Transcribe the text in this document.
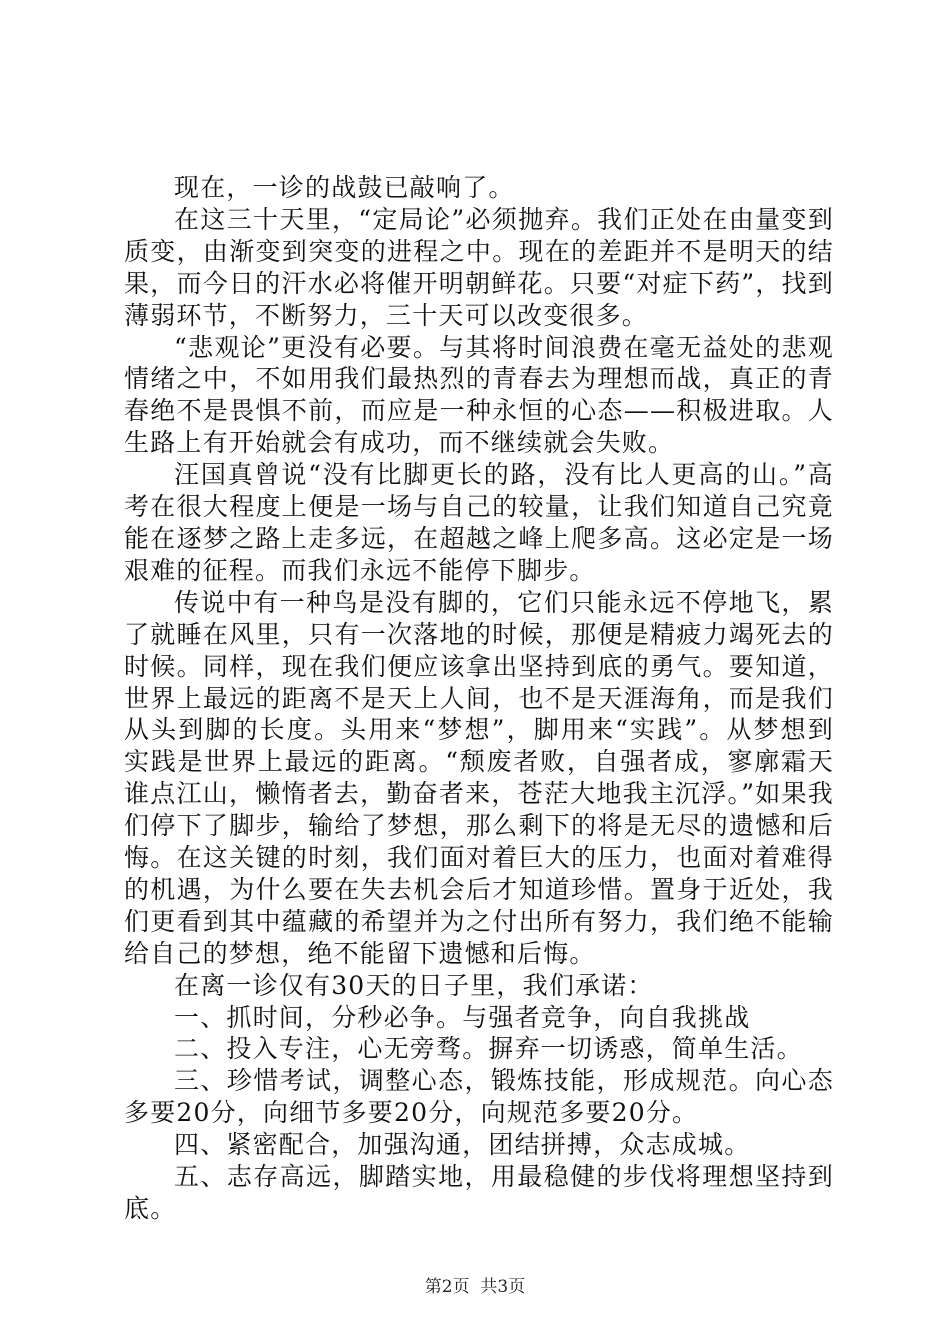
现在，一诊的战鼓已敲响了。

在这三十天里，“定局论”必须抛弃。我们正处在由量变到质变，由渐变到突变的进程之中。现在的差距并不是明天的结果，而今日的汗水必将催开明朝鲜花。只要“对症下药”，找到薄弱环节，不断努力，三十天可以改变很多。

“悲观论”更没有必要。与其将时间浪费在毫无益处的悲观情绪之中，不如用我们最热烈的青春去为理想而战，真正的青春绝不是畏惧不前，而应是一种永恒的心态——积极进取。人生路上有开始就会有成功，而不继续就会失败。

汪国真曾说“没有比脚更长的路，没有比人更高的山。”高考在很大程度上便是一场与自己的较量，让我们知道自己究竟能在逐梦之路上走多远，在超越之峰上爬多高。这必定是一场艰难的征程。而我们永远不能停下脚步。

传说中有一种鸟是没有脚的，它们只能永远不停地飞，累了就睡在风里，只有一次落地的时候，那便是精疲力竭死去的时候。同样，现在我们便应该拿出坚持到底的勇气。要知道，世界上最远的距离不是天上人间，也不是天涯海角，而是我们从头到脚的长度。头用来“梦想”，脚用来“实践”。从梦想到实践是世界上最远的距离。“颓废者败，自强者成，寥廓霜天谁点江山，懒惰者去，勤奋者来，苍茫大地我主沉浮。”如果我们停下了脚步，输给了梦想，那么剩下的将是无尽的遗憾和后悔。在这关键的时刻，我们面对着巨大的压力，也面对着难得的机遇，为什么要在失去机会后才知道珍惜。置身于近处，我们更看到其中蕴藏的希望并为之付出所有努力，我们绝不能输给自己的梦想，绝不能留下遗憾和后悔。

在离一诊仅有30天的日子里，我们承诺：

一、抓时间，分秒必争。与强者竞争，向自我挑战

二、投入专注，心无旁骛。摒弃一切诱惑，简单生活。

三、珍惜考试，调整心态，锻炼技能，形成规范。向心态多要20分，向细节多要20分，向规范多要20分。

四、紧密配合，加强沟通，团结拼搏，众志成城。

五、志存高远，脚踏实地，用最稳健的步伐将理想坚持到底。

第2页 共3页
